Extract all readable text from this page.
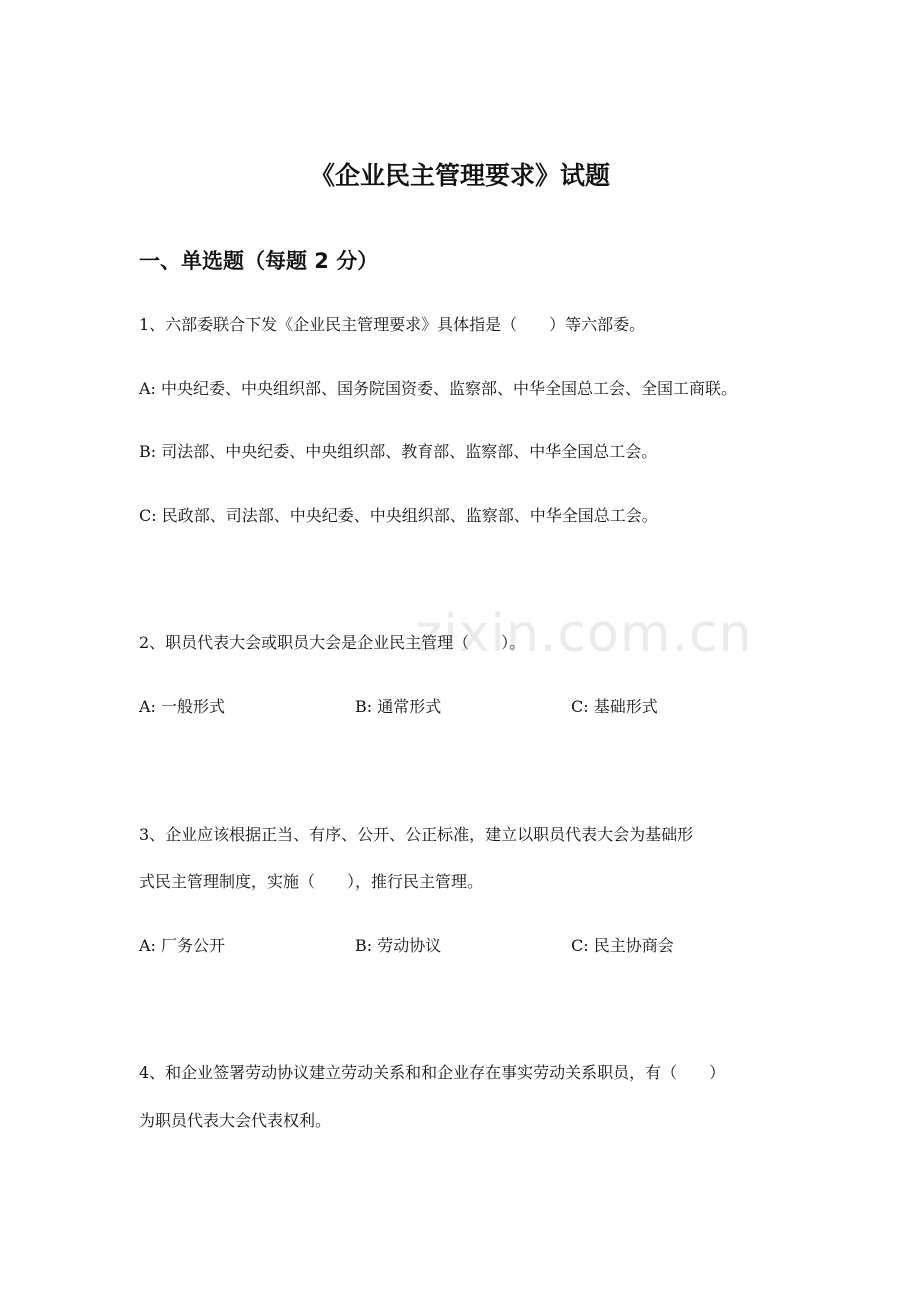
zixin.com.cn
《企业民主管理要求》试题
一、单选题（每题 2 分）
1、六部委联合下发《企业民主管理要求》具体指是（　　）等六部委。
A: 中央纪委、中央组织部、国务院国资委、监察部、中华全国总工会、全国工商联。
B: 司法部、中央纪委、中央组织部、教育部、监察部、中华全国总工会。
C: 民政部、司法部、中央纪委、中央组织部、监察部、中华全国总工会。
2、职员代表大会或职员大会是企业民主管理（　　）。
A: 一般形式	B: 通常形式	C: 基础形式
3、企业应该根据正当、有序、公开、公正标准，建立以职员代表大会为基础形
式民主管理制度，实施（　　），推行民主管理。
A: 厂务公开	B: 劳动协议	C: 民主协商会
4、和企业签署劳动协议建立劳动关系和和企业存在事实劳动关系职员，有（　　）
为职员代表大会代表权利。
